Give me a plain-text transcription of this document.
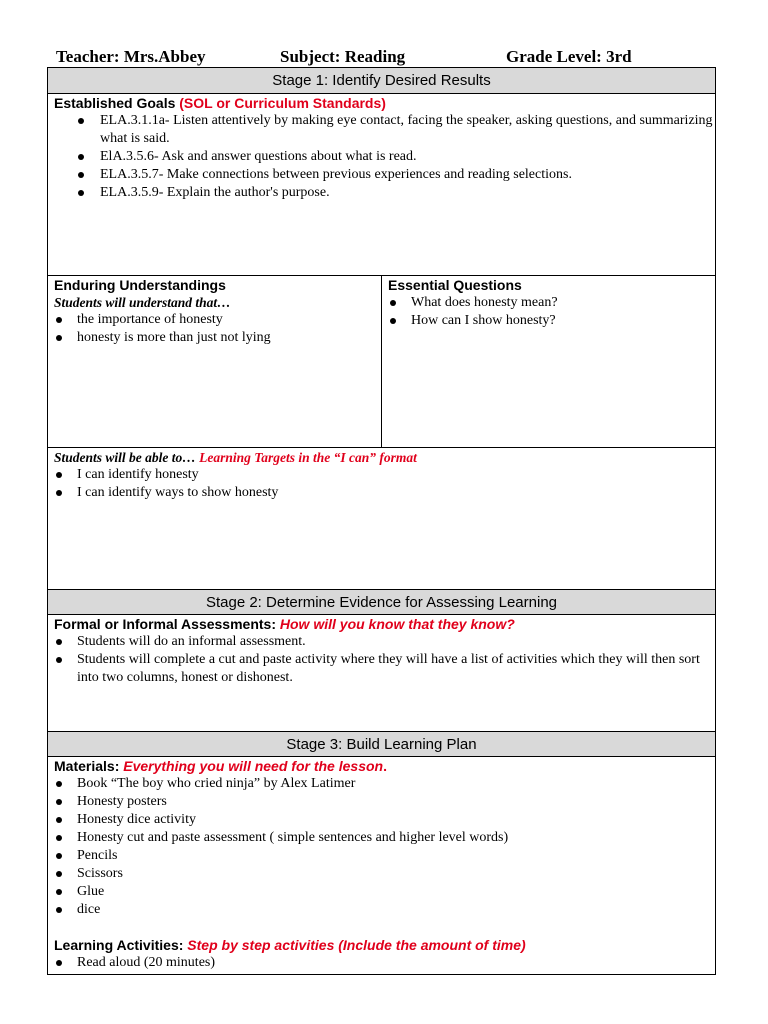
Teacher: Mrs.Abbey	Subject: Reading	Grade Level: 3rd
Stage 1: Identify Desired Results
Established Goals (SOL or Curriculum Standards)
ELA.3.1.1a- Listen attentively by making eye contact, facing the speaker, asking questions, and summarizing what is said.
ElA.3.5.6- Ask and answer questions about what is read.
ELA.3.5.7- Make connections between previous experiences and reading selections.
ELA.3.5.9- Explain the author's purpose.
Enduring Understandings
Students will understand that…
the importance of honesty
honesty is more than just not lying
Essential Questions
What does honesty mean?
How can I show honesty?
Students will be able to… Learning Targets in the “I can” format
I can identify honesty
I can identify ways to show honesty
Stage 2: Determine Evidence for Assessing Learning
Formal or Informal Assessments: How will you know that they know?
Students will do an informal assessment.
Students will complete a cut and paste activity where they will have a list of activities which they will then sort into two columns, honest or dishonest.
Stage 3: Build Learning Plan
Materials: Everything you will need for the lesson.
Book “The boy who cried ninja” by Alex Latimer
Honesty posters
Honesty dice activity
Honesty cut and paste assessment ( simple sentences and higher level words)
Pencils
Scissors
Glue
dice
Learning Activities: Step by step activities (Include the amount of time)
Read aloud (20 minutes)
